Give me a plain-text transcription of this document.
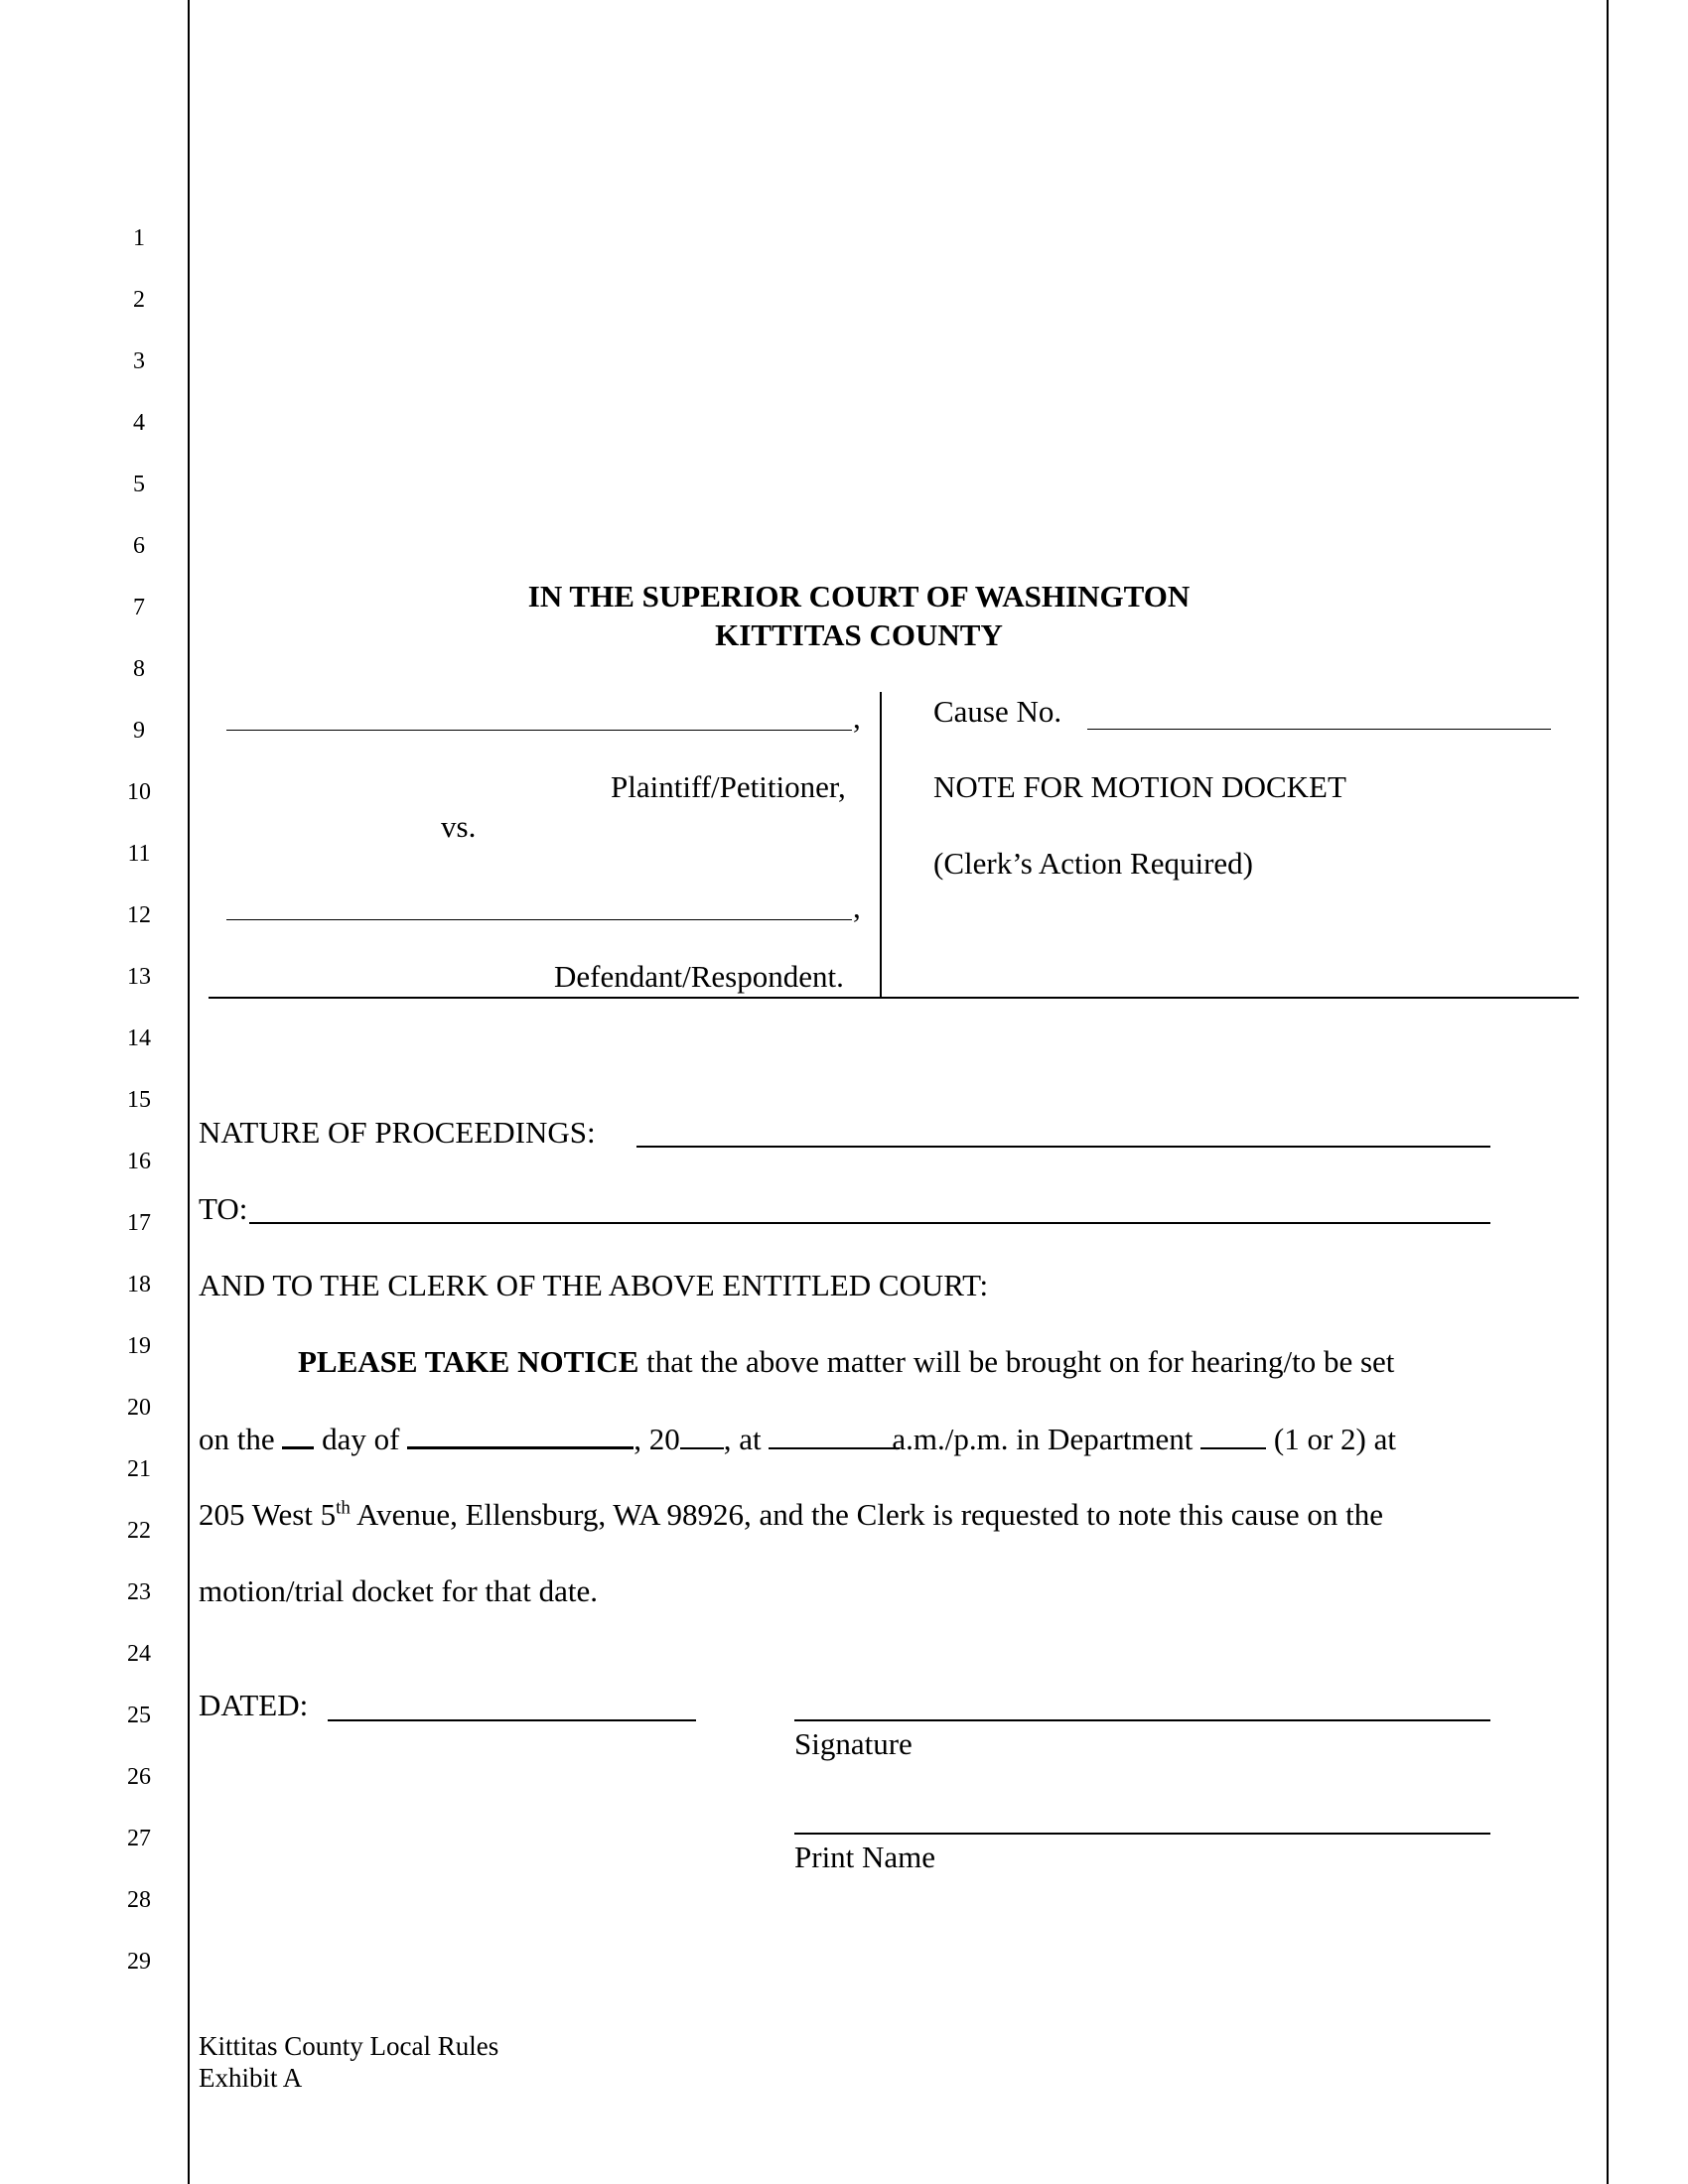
1
2
3
4
5
6
7
8
9
10
11
12
13
14
15
16
17
18
19
20
21
22
23
24
25
26
27
28
29
IN THE SUPERIOR COURT OF WASHINGTON
KITTITAS COUNTY
,
Plaintiff/Petitioner,
vs.
,
Defendant/Respondent.
Cause No.
NOTE FOR MOTION DOCKET
(Clerk’s Action Required)
NATURE OF PROCEEDINGS:
TO:
AND TO THE CLERK OF THE ABOVE ENTITLED COURT:
PLEASE TAKE NOTICE that the above matter will be brought on for hearing/to be set
on the day of	, 20 , at	a.m./p.m. in Department	(1 or 2) at
205 West 5th Avenue, Ellensburg, WA 98926, and the Clerk is requested to note this cause on the
motion/trial docket for that date.
DATED:
Signature
Print Name
Kittitas County Local Rules
Exhibit A
